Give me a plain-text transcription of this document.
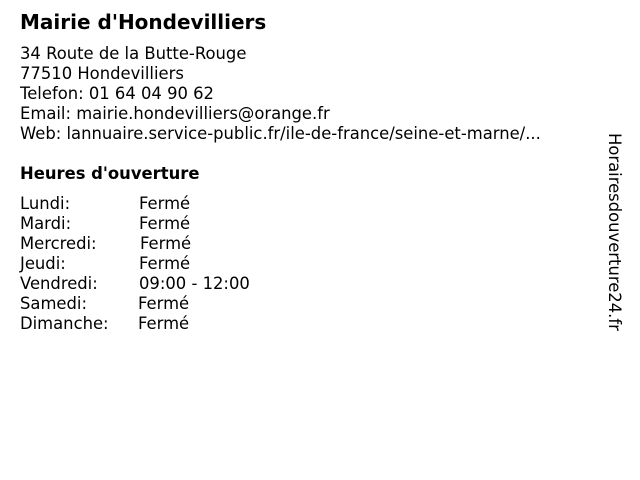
Mairie d'Hondevilliers
34 Route de la Butte-Rouge
77510 Hondevilliers
Telefon: 01 64 04 90 62
Email: mairie.hondevilliers@orange.fr
Web: lannuaire.service-public.fr/ile-de-france/seine-et-marne/...
Heures d'ouverture
Lundi:	Fermé
Mardi:	Fermé
Mercredi:	Fermé
Jeudi:	Fermé
Vendredi:	09:00 - 12:00
Samedi:	Fermé
Dimanche:	Fermé	Horairesdouverture24.fr
